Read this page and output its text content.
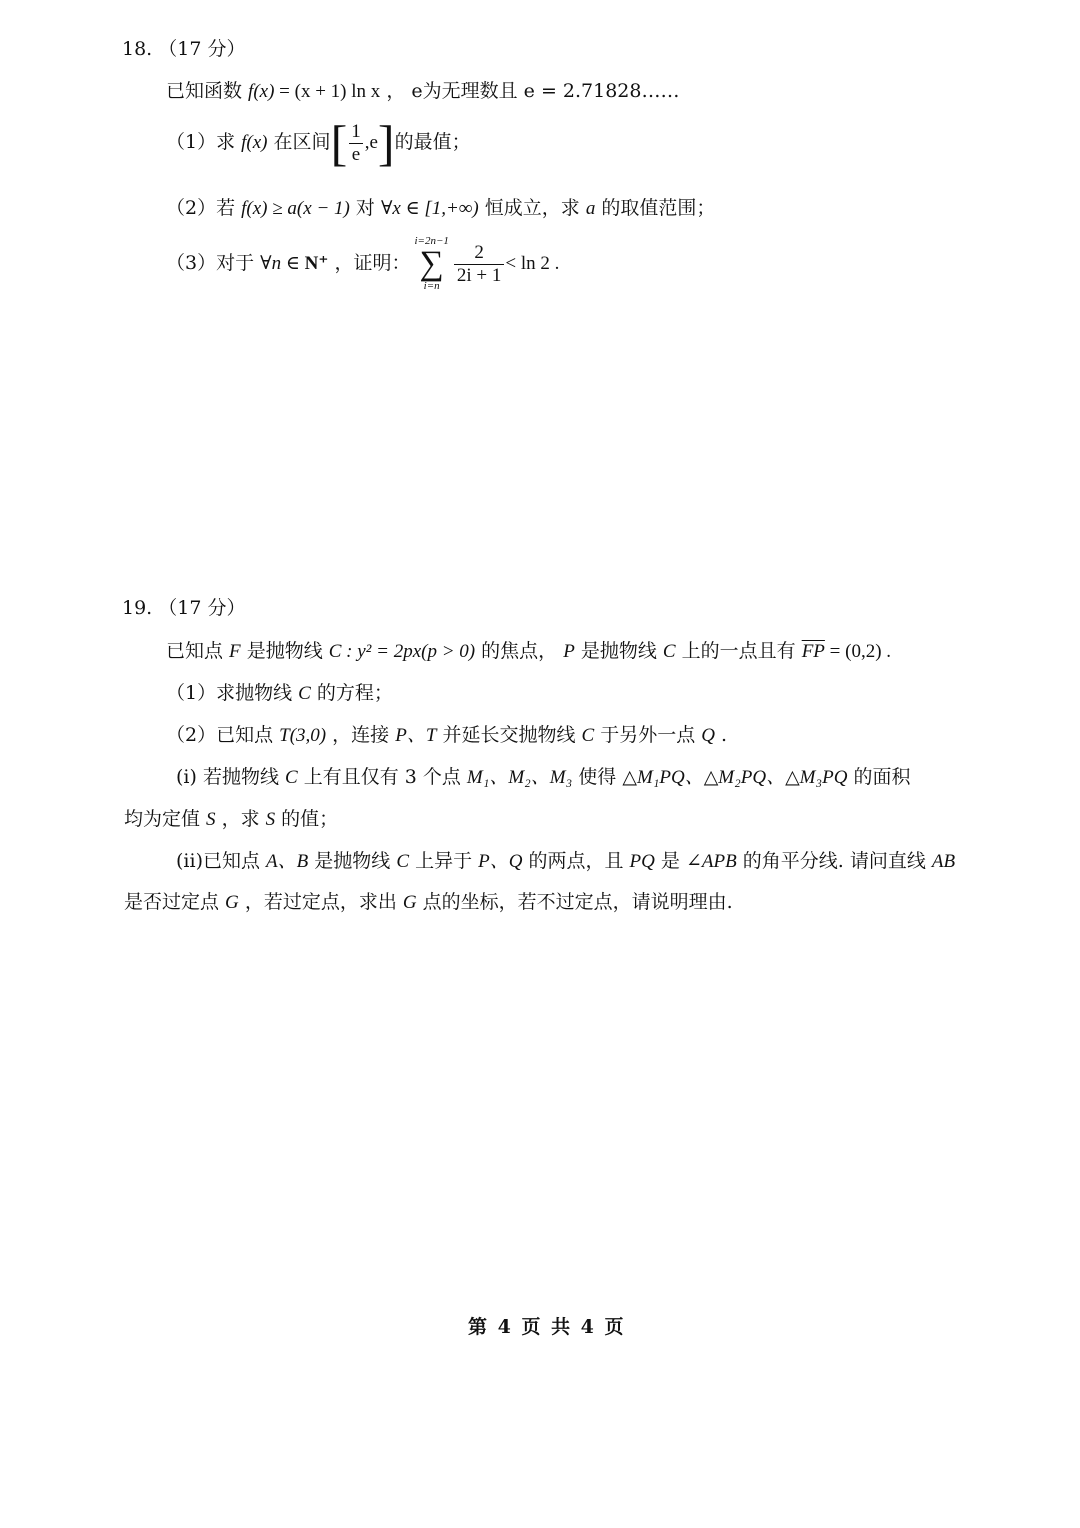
18. （17 分）
已知函数 f(x) = (x + 1) ln x ， e为无理数且 e = 2.71828……
（1）求 f(x) 在区间[ $\frac{1}{e} ,e$]的最值；
（2）若 f(x) ≥ a(x − 1) 对 ∀x ∈ [1,+∞) 恒成立，求 a 的取值范围；
（3）对于 ∀n ∈ N⁺ ，证明：
i=2n−1
∑
i=n
$\frac{2}{2i + 1} < \ln 2$ .
19. （17 分）
已知点 F 是抛物线 C : y² = 2px(p > 0) 的焦点， P 是抛物线 C 上的一点且有 $\overline{FP} = (0,2)$ .
（1）求抛物线 C 的方程；
（2）已知点 T(3,0) ，连接 P、T 并延长交抛物线 C 于另外一点 Q .
(i) 若抛物线 C 上有且仅有 3 个点 M₁、M₂、M₃ 使得 △M₁PQ、△M₂PQ、△M₃PQ 的面积
均为定值 S ，求 S 的值；
(ii)已知点 A、B 是抛物线 C 上异于 P、Q 的两点，且 PQ 是 ∠APB 的角平分线. 请问直线 AB
是否过定点 G ，若过定点，求出 G 点的坐标，若不过定点，请说明理由.
第 4 页 共 4 页
